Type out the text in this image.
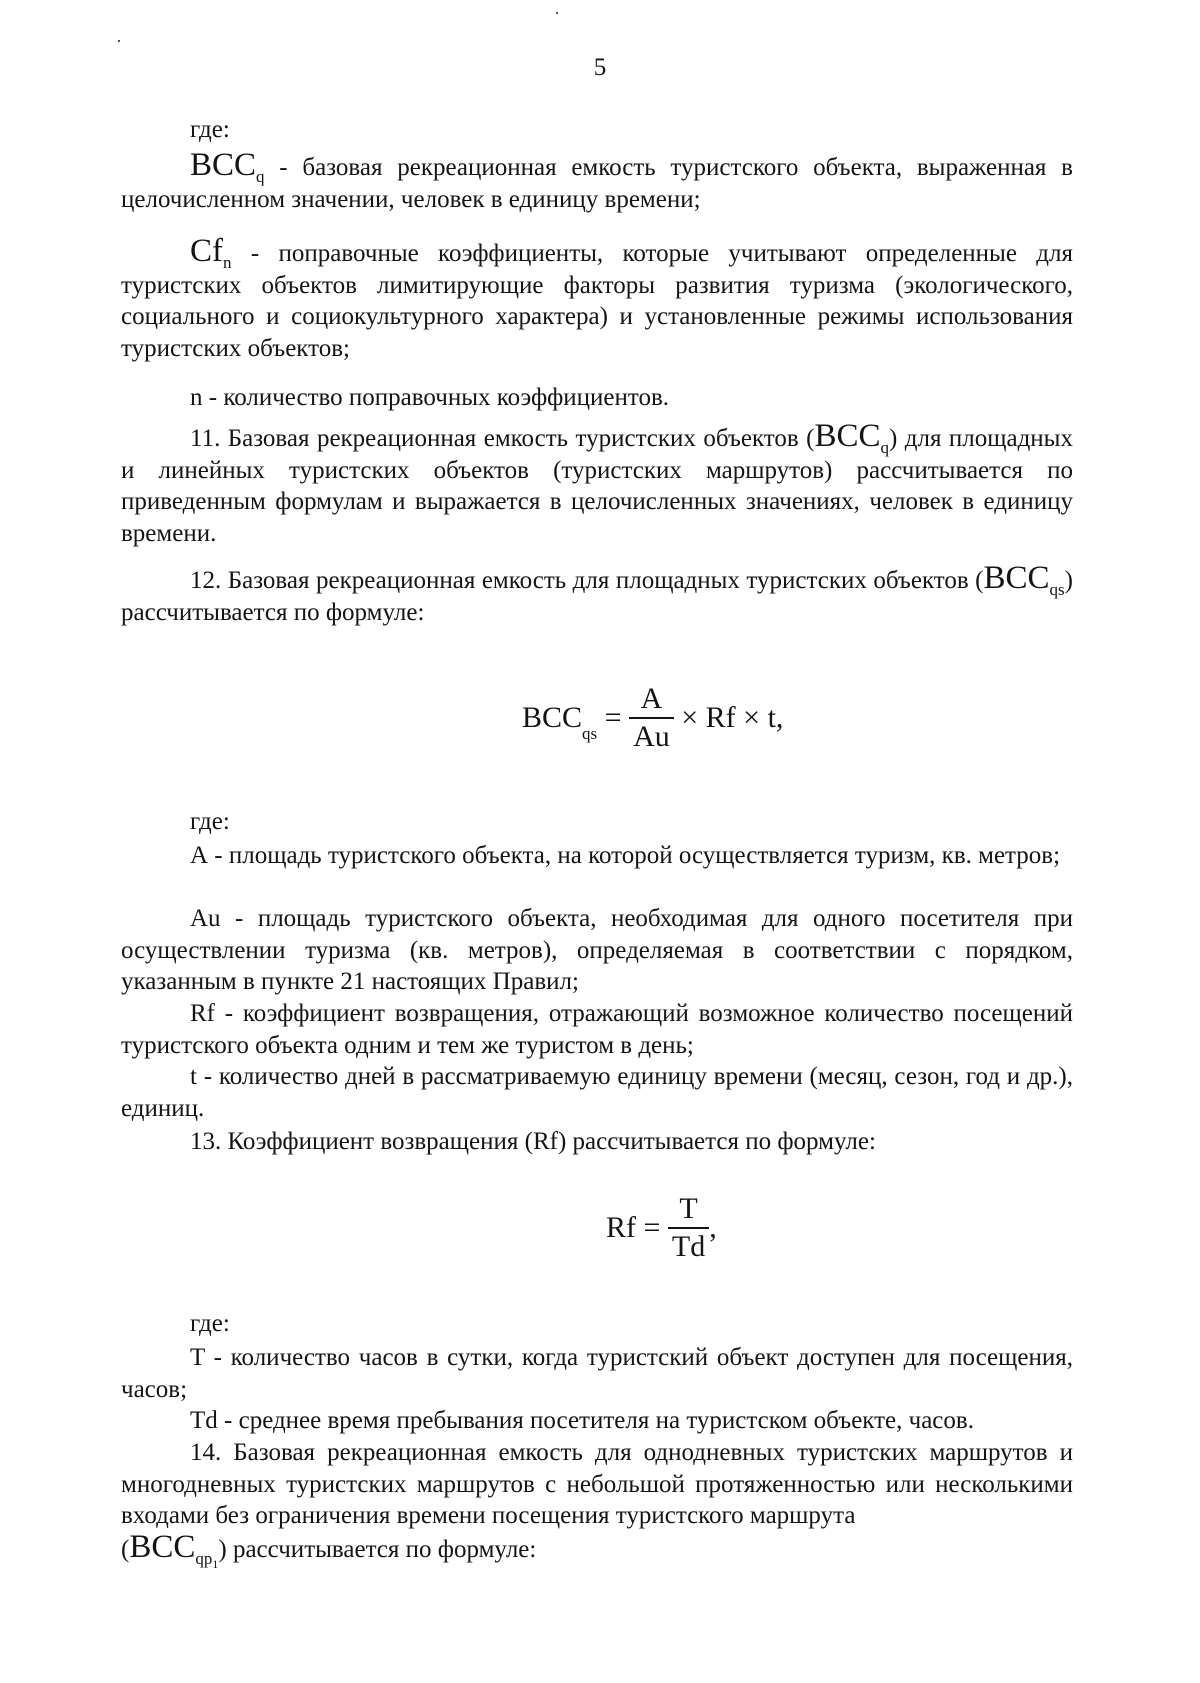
5
где:
$BCC_q$ - базовая рекреационная емкость туристского объекта, выраженная в целочисленном значении, человек в единицу времени;
$Cf_n$ - поправочные коэффициенты, которые учитывают определенные для туристских объектов лимитирующие факторы развития туризма (экологического, социального и социокультурного характера) и установленные режимы использования туристских объектов;
n - количество поправочных коэффициентов.
11. Базовая рекреационная емкость туристских объектов $(BCC_q)$ для площадных и линейных туристских объектов (туристских маршрутов) рассчитывается по приведенным формулам и выражается в целочисленных значениях, человек в единицу времени.
12. Базовая рекреационная емкость для площадных туристских объектов $(BCC_{qs})$ рассчитывается по формуле:
$BCC_{qs} = \frac{A}{Au} \times Rf \times t$,
где:
А - площадь туристского объекта, на которой осуществляется туризм, кв. метров;
Au - площадь туристского объекта, необходимая для одного посетителя при осуществлении туризма (кв. метров), определяемая в соответствии с порядком, указанным в пункте 21 настоящих Правил;
Rf - коэффициент возвращения, отражающий возможное количество посещений туристского объекта одним и тем же туристом в день;
t - количество дней в рассматриваемую единицу времени (месяц, сезон, год и др.), единиц.
13. Коэффициент возвращения (Rf) рассчитывается по формуле:
$Rf = \frac{T}{Td}$ ,
где:
T - количество часов в сутки, когда туристский объект доступен для посещения, часов;
Td - среднее время пребывания посетителя на туристском объекте, часов.
14. Базовая рекреационная емкость для однодневных туристских маршрутов и многодневных туристских маршрутов с небольшой протяженностью или несколькими входами без ограничения времени посещения туристского маршрута
$(BCC_{qp_1})$ рассчитывается по формуле:
